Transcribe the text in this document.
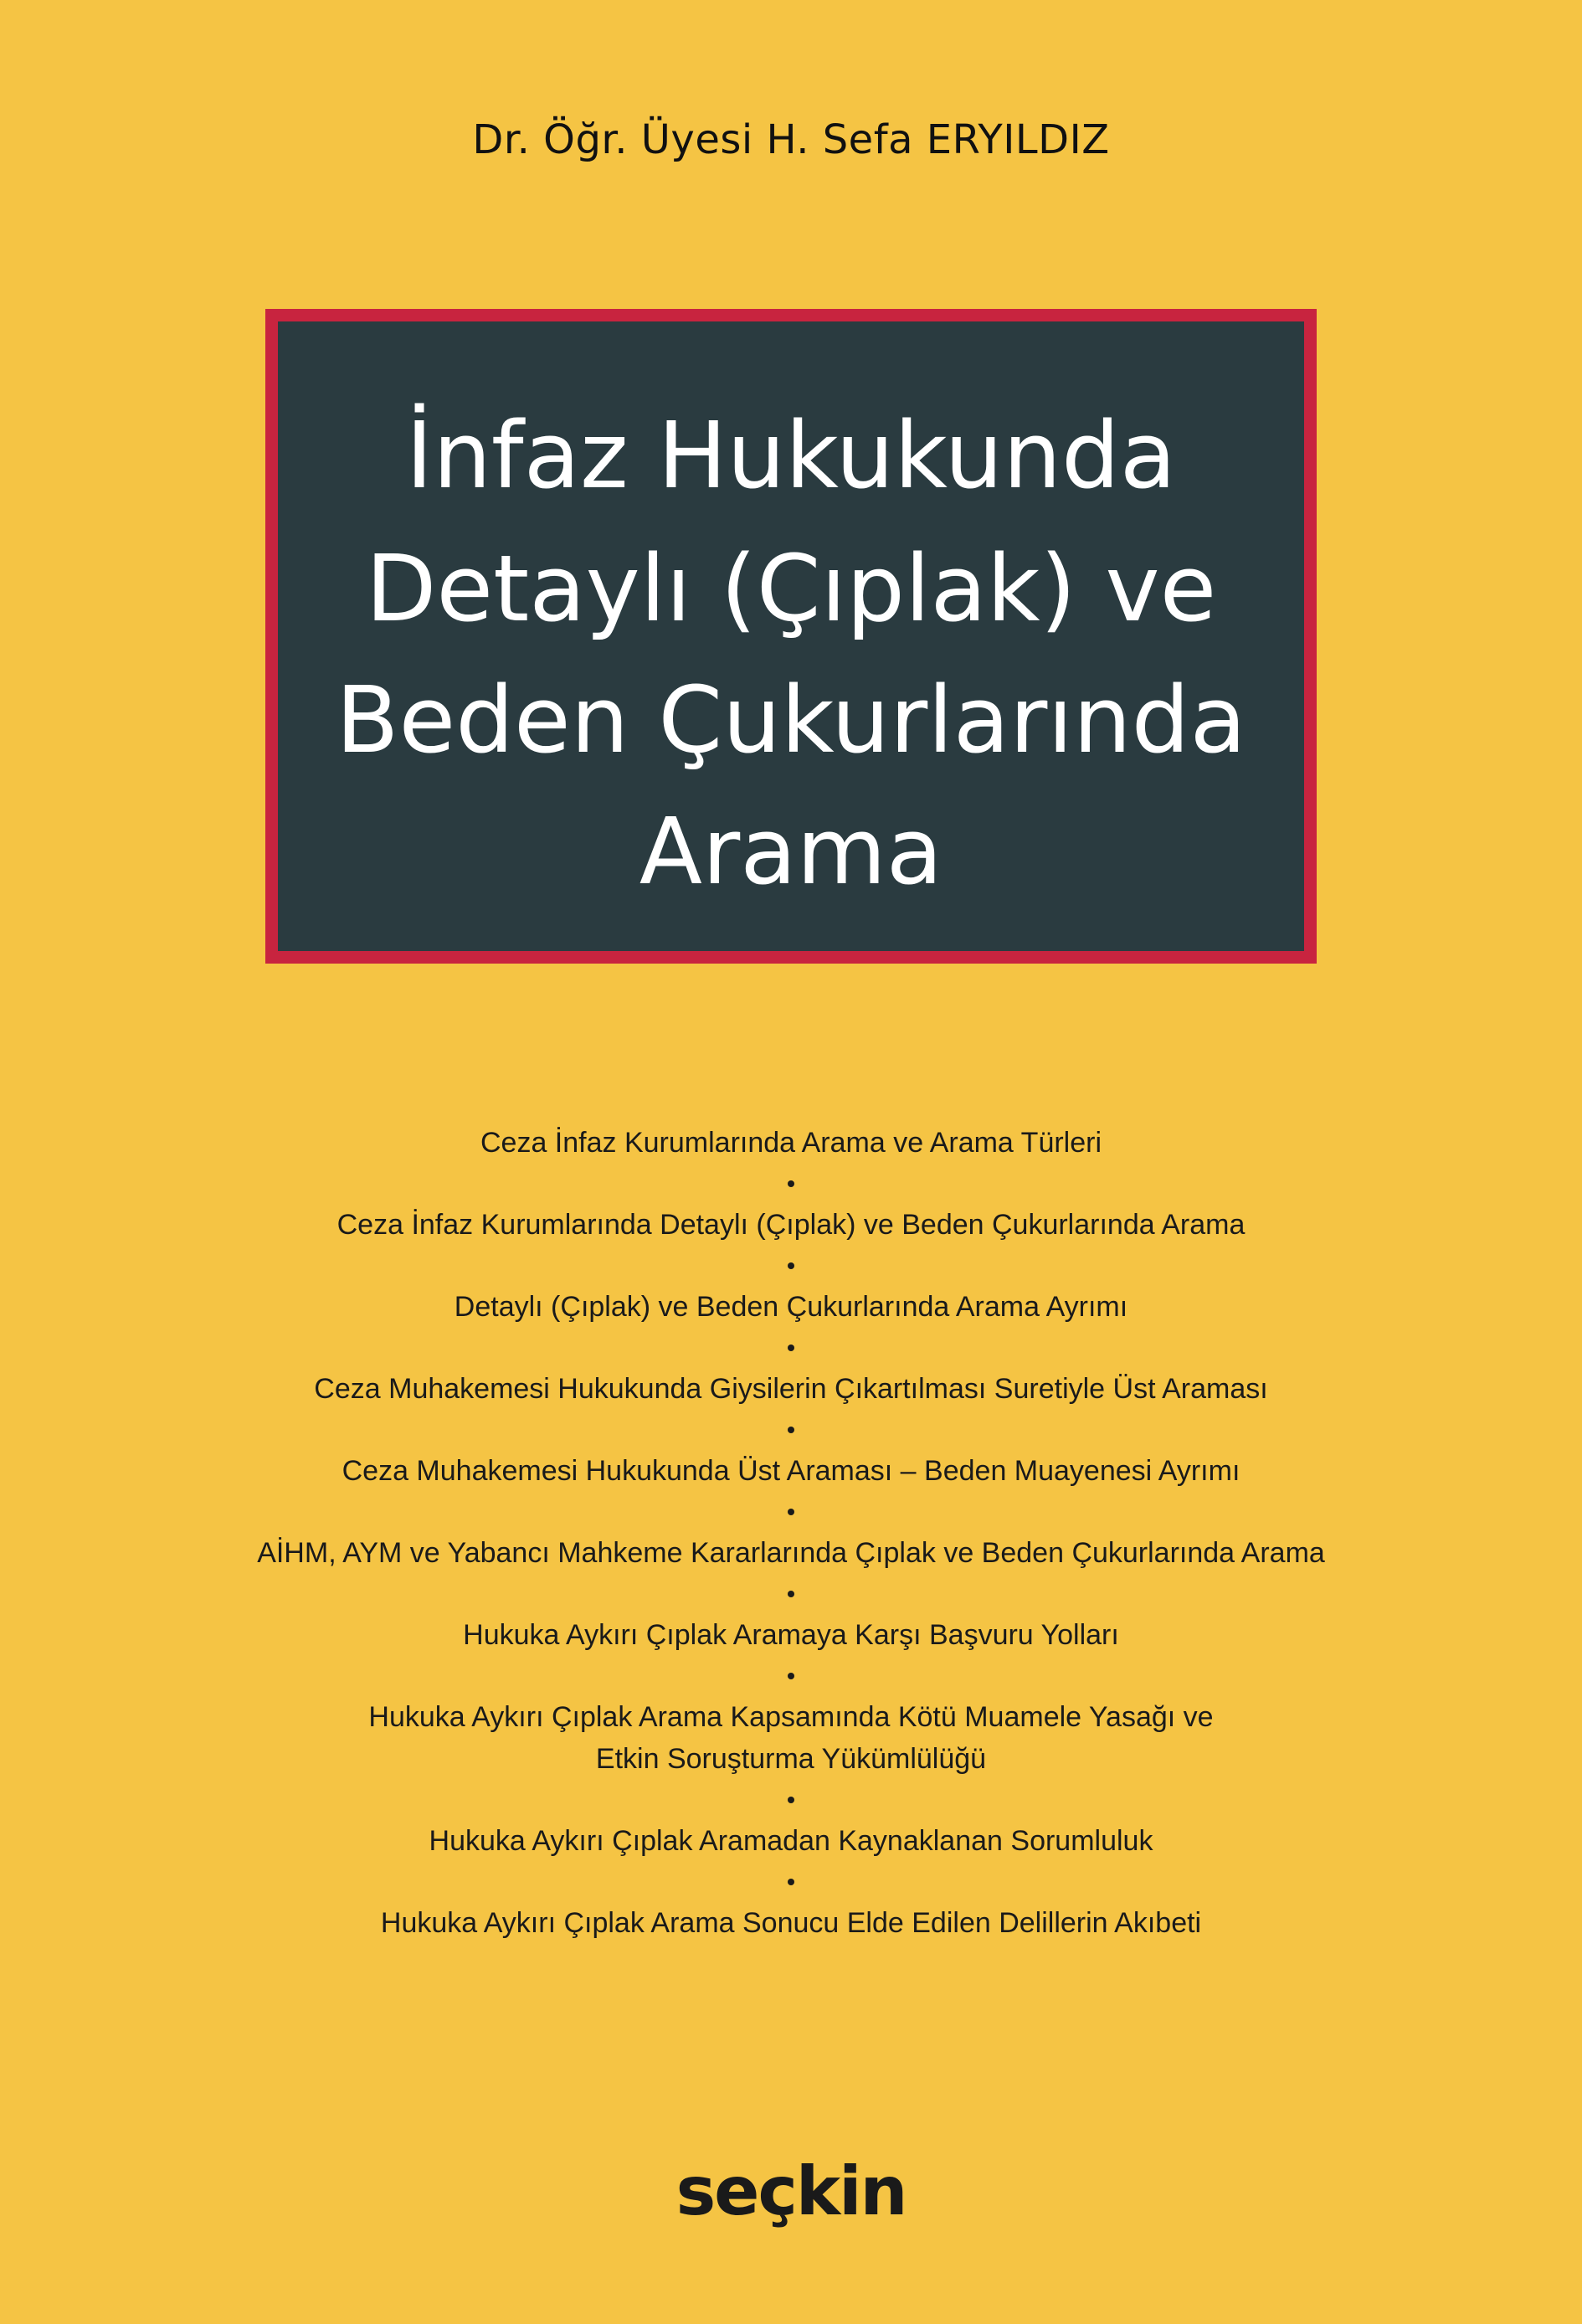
Dr. Öğr. Üyesi H. Sefa ERYILDIZ
İnfaz Hukukunda
Detaylı (Çıplak) ve
Beden Çukurlarında
Arama
Ceza İnfaz Kurumlarında Arama ve Arama Türleri
Ceza İnfaz Kurumlarında Detaylı (Çıplak) ve Beden Çukurlarında Arama
Detaylı (Çıplak) ve Beden Çukurlarında Arama Ayrımı
Ceza Muhakemesi Hukukunda Giysilerin Çıkartılması Suretiyle Üst Araması
Ceza Muhakemesi Hukukunda Üst Araması – Beden Muayenesi Ayrımı
AİHM, AYM ve Yabancı Mahkeme Kararlarında Çıplak ve Beden Çukurlarında Arama
Hukuka Aykırı Çıplak Aramaya Karşı Başvuru Yolları
Hukuka Aykırı Çıplak Arama Kapsamında Kötü Muamele Yasağı ve
Etkin Soruşturma Yükümlülüğü
Hukuka Aykırı Çıplak Aramadan Kaynaklanan Sorumluluk
Hukuka Aykırı Çıplak Arama Sonucu Elde Edilen Delillerin Akıbeti
seçkin
